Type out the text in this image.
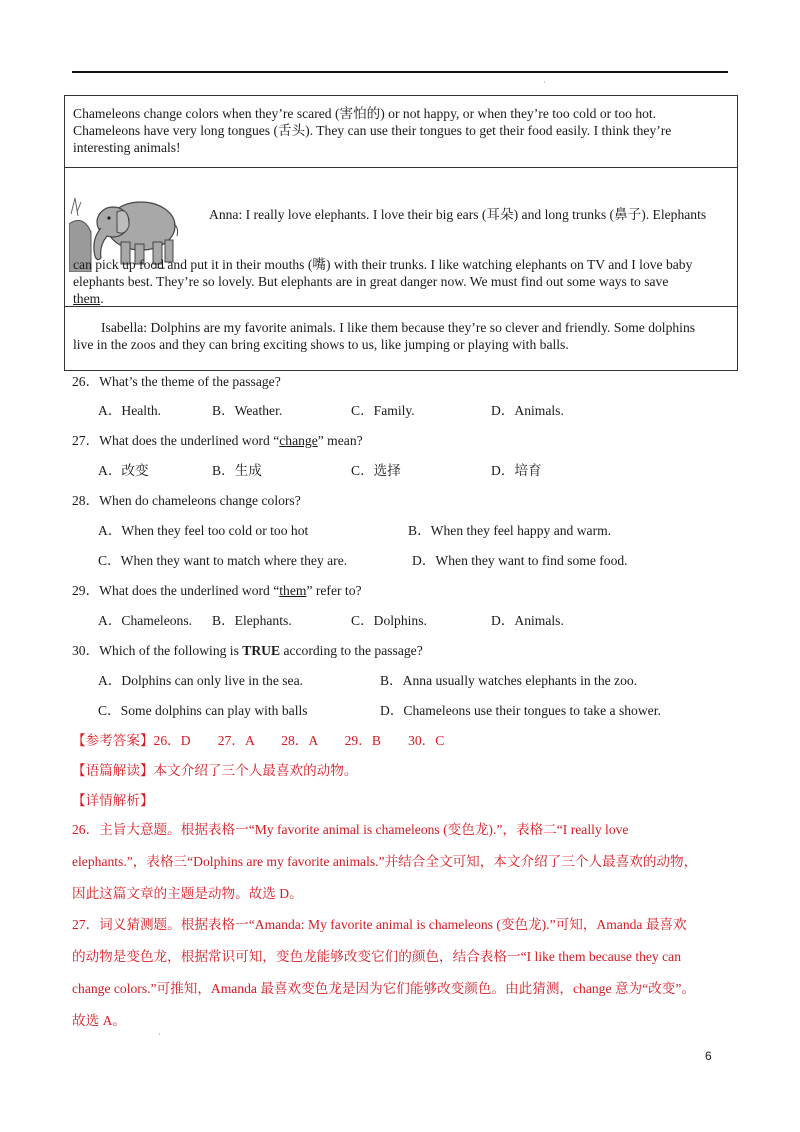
·
Chameleons change colors when they’re scared (害怕的) or not happy, or when they’re too cold or too hot.
Chameleons have very long tongues (舌头). They can use their tongues to get their food easily. I think they’re
interesting animals!
Anna: I really love elephants. I love their big ears (耳朵) and long trunks (鼻子). Elephants
can pick up food and put it in their mouths (嘴) with their trunks. I like watching elephants on TV and I love baby
elephants best. They’re so lovely. But elephants are in great danger now. We must find out some ways to save
them.
Isabella: Dolphins are my favorite animals. I like them because they’re so clever and friendly. Some dolphins
live in the zoos and they can bring exciting shows to us, like jumping or playing with balls.
26．What’s the theme of the passage?
A．Health.	B．Weather.	C．Family.	D．Animals.
27．What does the underlined word “change” mean?
A．改变	B．生成	C．选择	D．培育
28．When do chameleons change colors?
A．When they feel too cold or too hot	B．When they feel happy and warm.
C．When they want to match where they are.	D．When they want to find some food.
29．What does the underlined word “them” refer to?
A．Chameleons. B．Elephants.	C．Dolphins.	D．Animals.
30．Which of the following is TRUE according to the passage?
A．Dolphins can only live in the sea.	B．Anna usually watches elephants in the zoo.
C．Some dolphins can play with balls	D．Chameleons use their tongues to take a shower.
【参考答案】26．D　　27．A　　28．A　　29．B　　30．C
【语篇解读】本文介绍了三个人最喜欢的动物。
【详情解析】
26．主旨大意题。根据表格一“My favorite animal is chameleons (变色龙).”，表格二“I really love
elephants.”，表格三“Dolphins are my favorite animals.”并结合全文可知，本文介绍了三个人最喜欢的动物，
因此这篇文章的主题是动物。故选 D。
27．词义猜测题。根据表格一“Amanda: My favorite animal is chameleons (变色龙).”可知，Amanda 最喜欢
的动物是变色龙，根据常识可知，变色龙能够改变它们的颜色，结合表格一“I like them because they can
change colors.”可推知，Amanda 最喜欢变色龙是因为它们能够改变颜色。由此猜测，change 意为“改变”。
故选 A。
·
6
